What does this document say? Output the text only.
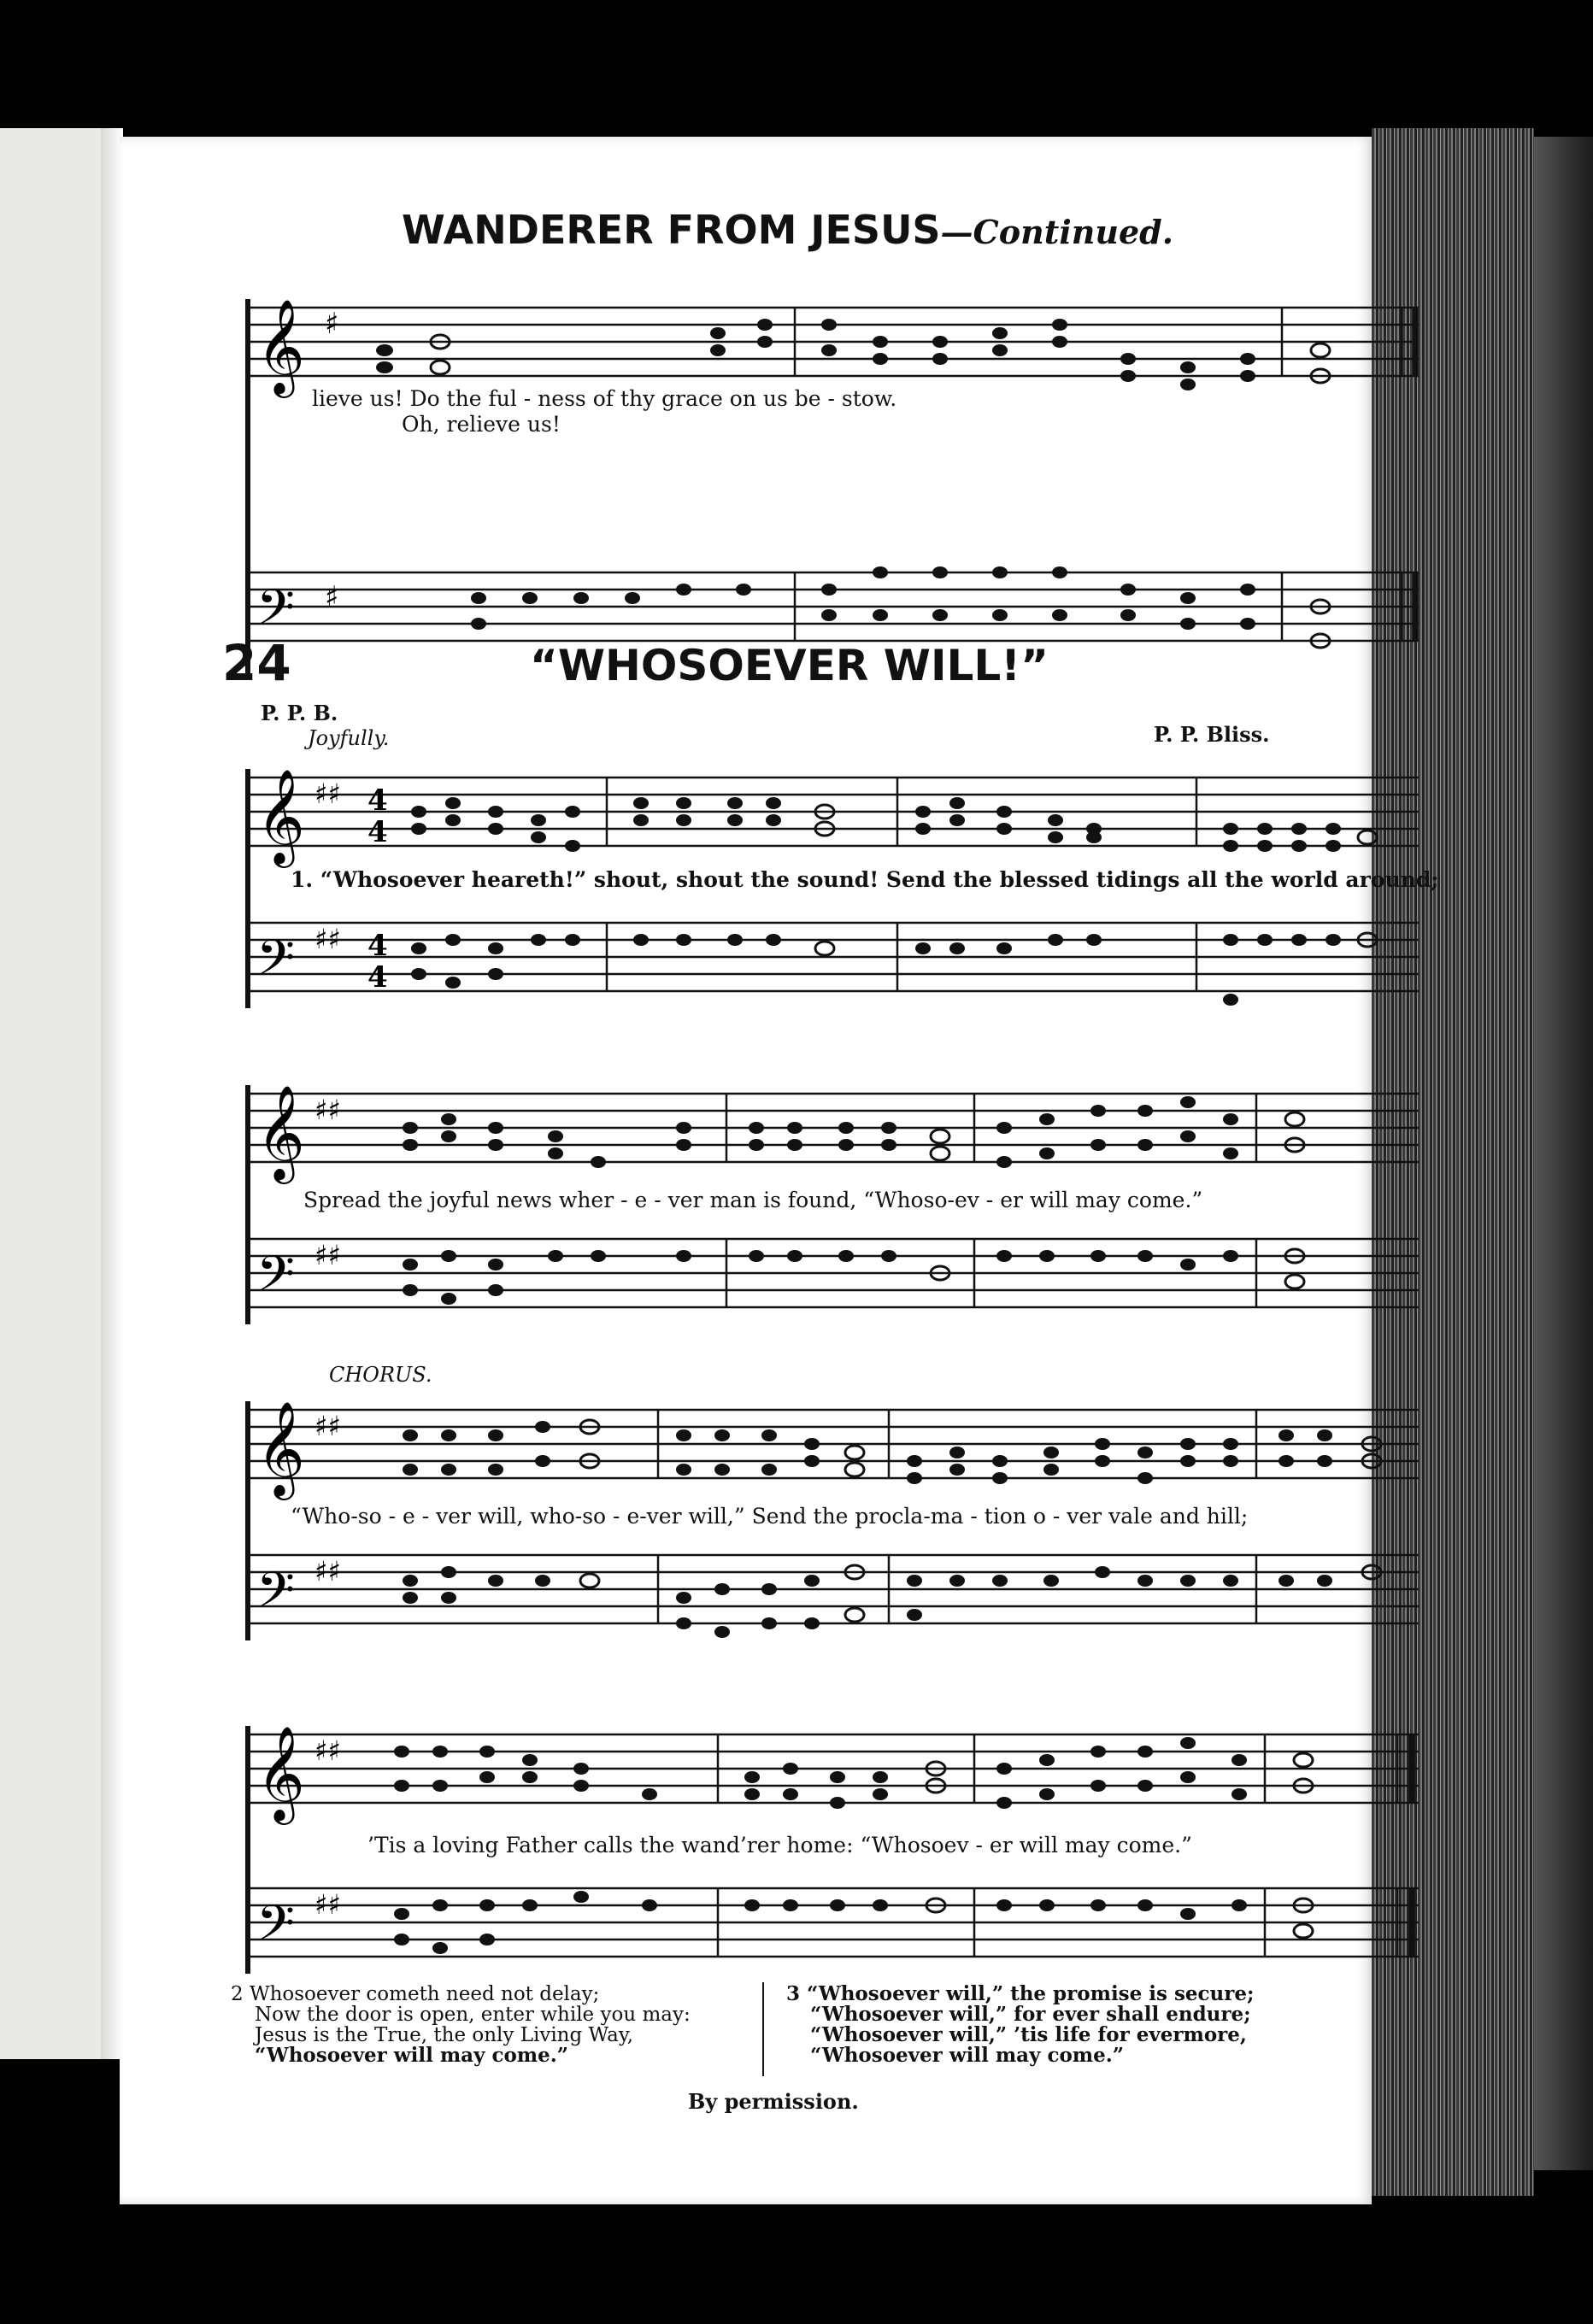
WANDERER FROM JESUS—Continued.
𝄞
𝄢
♯
♯
lieve us! Do the ful - ness of thy grace on us be - stow.
Oh, relieve us!
24	“WHOSOEVER WILL!”
P. P. B.
Joyfully.	P. P. Bliss.
𝄞
𝄢
♯♯
♯♯
4
4
4
4
1. “Whosoever heareth!” shout, shout the sound! Send the blessed tidings all the world around;
𝄞
𝄢
♯♯
♯♯
Spread the joyful news wher - e - ver man is found, “Whoso-ev - er will may come.”
CHORUS.
𝄞
𝄢
♯♯
♯♯
“Who-so - e - ver will, who-so - e-ver will,” Send the procla-ma - tion o - ver vale and hill;
𝄞
𝄢
♯♯
♯♯
’Tis a loving Father calls the wand’rer home: “Whosoev - er will may come.”
2 Whosoever cometh need not delay;
Now the door is open, enter while you may:
Jesus is the True, the only Living Way,
“Whosoever will may come.”
3 “Whosoever will,” the promise is secure;
“Whosoever will,” for ever shall endure;
“Whosoever will,” ’tis life for evermore,
“Whosoever will may come.”
By permission.
